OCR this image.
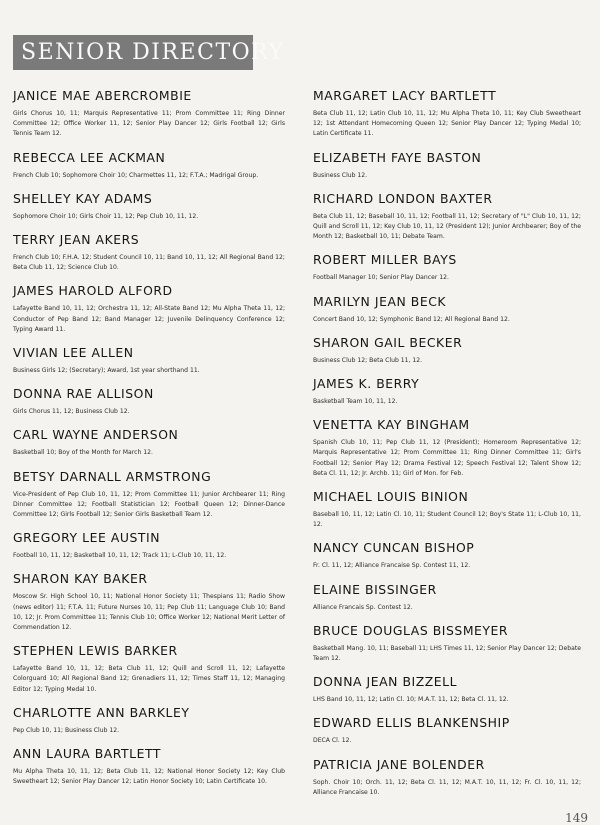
SENIOR DIRECTORY
JANICE MAE ABERCROMBIE

Girls Chorus 10, 11; Marquis Representative 11; Prom Committee 11; Ring Dinner Committee 12; Office Worker 11, 12; Senior Play Dancer 12; Girls Football 12; Girls Tennis Team 12.

REBECCA LEE ACKMAN

French Club 10; Sophomore Choir 10; Charmettes 11, 12; F.T.A.; Madrigal Group.

SHELLEY KAY ADAMS

Sophomore Choir 10; Girls Choir 11, 12; Pep Club 10, 11, 12.

TERRY JEAN AKERS

French Club 10; F.H.A. 12; Student Council 10, 11; Band 10, 11, 12; All Regional Band 12; Beta Club 11, 12; Science Club 10.

JAMES HAROLD ALFORD

Lafayette Band 10, 11, 12; Orchestra 11, 12; All-State Band 12; Mu Alpha Theta 11, 12; Conductor of Pep Band 12; Band Manager 12; Juvenile Delinquency Conference 12; Typing Award 11.

VIVIAN LEE ALLEN

Business Girls 12; (Secretary); Award, 1st year shorthand 11.

DONNA RAE ALLISON

Girls Chorus 11, 12; Business Club 12.

CARL WAYNE ANDERSON

Basketball 10; Boy of the Month for March 12.

BETSY DARNALL ARMSTRONG

Vice-President of Pep Club 10, 11, 12; Prom Committee 11; Junior Archbearer 11; Ring Dinner Committee 12; Football Statistician 12; Football Queen 12; Dinner-Dance Committee 12; Girls Football 12; Senior Girls Basketball Team 12.

GREGORY LEE AUSTIN

Football 10, 11, 12; Basketball 10, 11, 12; Track 11; L-Club 10, 11, 12.

SHARON KAY BAKER

Moscow Sr. High School 10, 11; National Honor Society 11; Thespians 11; Radio Show (news editor) 11; F.T.A. 11; Future Nurses 10, 11; Pep Club 11; Language Club 10; Band 10, 12; Jr. Prom Committee 11; Tennis Club 10; Office Worker 12; National Merit Letter of Commendation 12.

STEPHEN LEWIS BARKER

Lafayette Band 10, 11, 12; Beta Club 11, 12; Quill and Scroll 11, 12; Lafayette Colorguard 10; All Regional Band 12; Grenadiers 11, 12; Times Staff 11, 12; Managing Editor 12; Typing Medal 10.

CHARLOTTE ANN BARKLEY

Pep Club 10, 11; Business Club 12.

ANN LAURA BARTLETT

Mu Alpha Theta 10, 11, 12; Beta Club 11, 12; National Honor Society 12; Key Club Sweetheart 12; Senior Play Dancer 12; Latin Honor Society 10; Latin Certificate 10.

MARGARET LACY BARTLETT

Beta Club 11, 12; Latin Club 10, 11, 12; Mu Alpha Theta 10, 11; Key Club Sweetheart 12; 1st Attendant Homecoming Queen 12; Senior Play Dancer 12; Typing Medal 10; Latin Certificate 11.

ELIZABETH FAYE BASTON

Business Club 12.

RICHARD LONDON BAXTER

Beta Club 11, 12; Baseball 10, 11, 12; Football 11, 12; Secretary of "L" Club 10, 11, 12; Quill and Scroll 11, 12; Key Club 10, 11, 12 (President 12); Junior Archbearer; Boy of the Month 12; Basketball 10, 11; Debate Team.

ROBERT MILLER BAYS

Football Manager 10; Senior Play Dancer 12.

MARILYN JEAN BECK

Concert Band 10, 12; Symphonic Band 12; All Regional Band 12.

SHARON GAIL BECKER

Business Club 12; Beta Club 11, 12.

JAMES K. BERRY

Basketball Team 10, 11, 12.

VENETTA KAY BINGHAM

Spanish Club 10, 11; Pep Club 11, 12 (President); Homeroom Representative 12; Marquis Representative 12; Prom Committee 11; Ring Dinner Committee 11; Girl's Football 12; Senior Play 12; Drama Festival 12; Speech Festival 12; Talent Show 12; Beta Cl. 11, 12; Jr. Archb. 11; Girl of Mon. for Feb.

MICHAEL LOUIS BINION

Baseball 10, 11, 12; Latin Cl. 10, 11; Student Council 12; Boy's State 11; L-Club 10, 11, 12.

NANCY CUNCAN BISHOP

Fr. Cl. 11, 12; Alliance Francaise Sp. Contest 11, 12.

ELAINE BISSINGER

Alliance Francais Sp. Contest 12.

BRUCE DOUGLAS BISSMEYER

Basketball Mang. 10, 11; Baseball 11; LHS Times 11, 12; Senior Play Dancer 12; Debate Team 12.

DONNA JEAN BIZZELL

LHS Band 10, 11, 12; Latin Cl. 10; M.A.T. 11, 12; Beta Cl. 11, 12.

EDWARD ELLIS BLANKENSHIP

DECA Cl. 12.

PATRICIA JANE BOLENDER

Soph. Choir 10; Orch. 11, 12; Beta Cl. 11, 12; M.A.T. 10, 11, 12; Fr. Cl. 10, 11, 12; Alliance Francaise 10.

149
